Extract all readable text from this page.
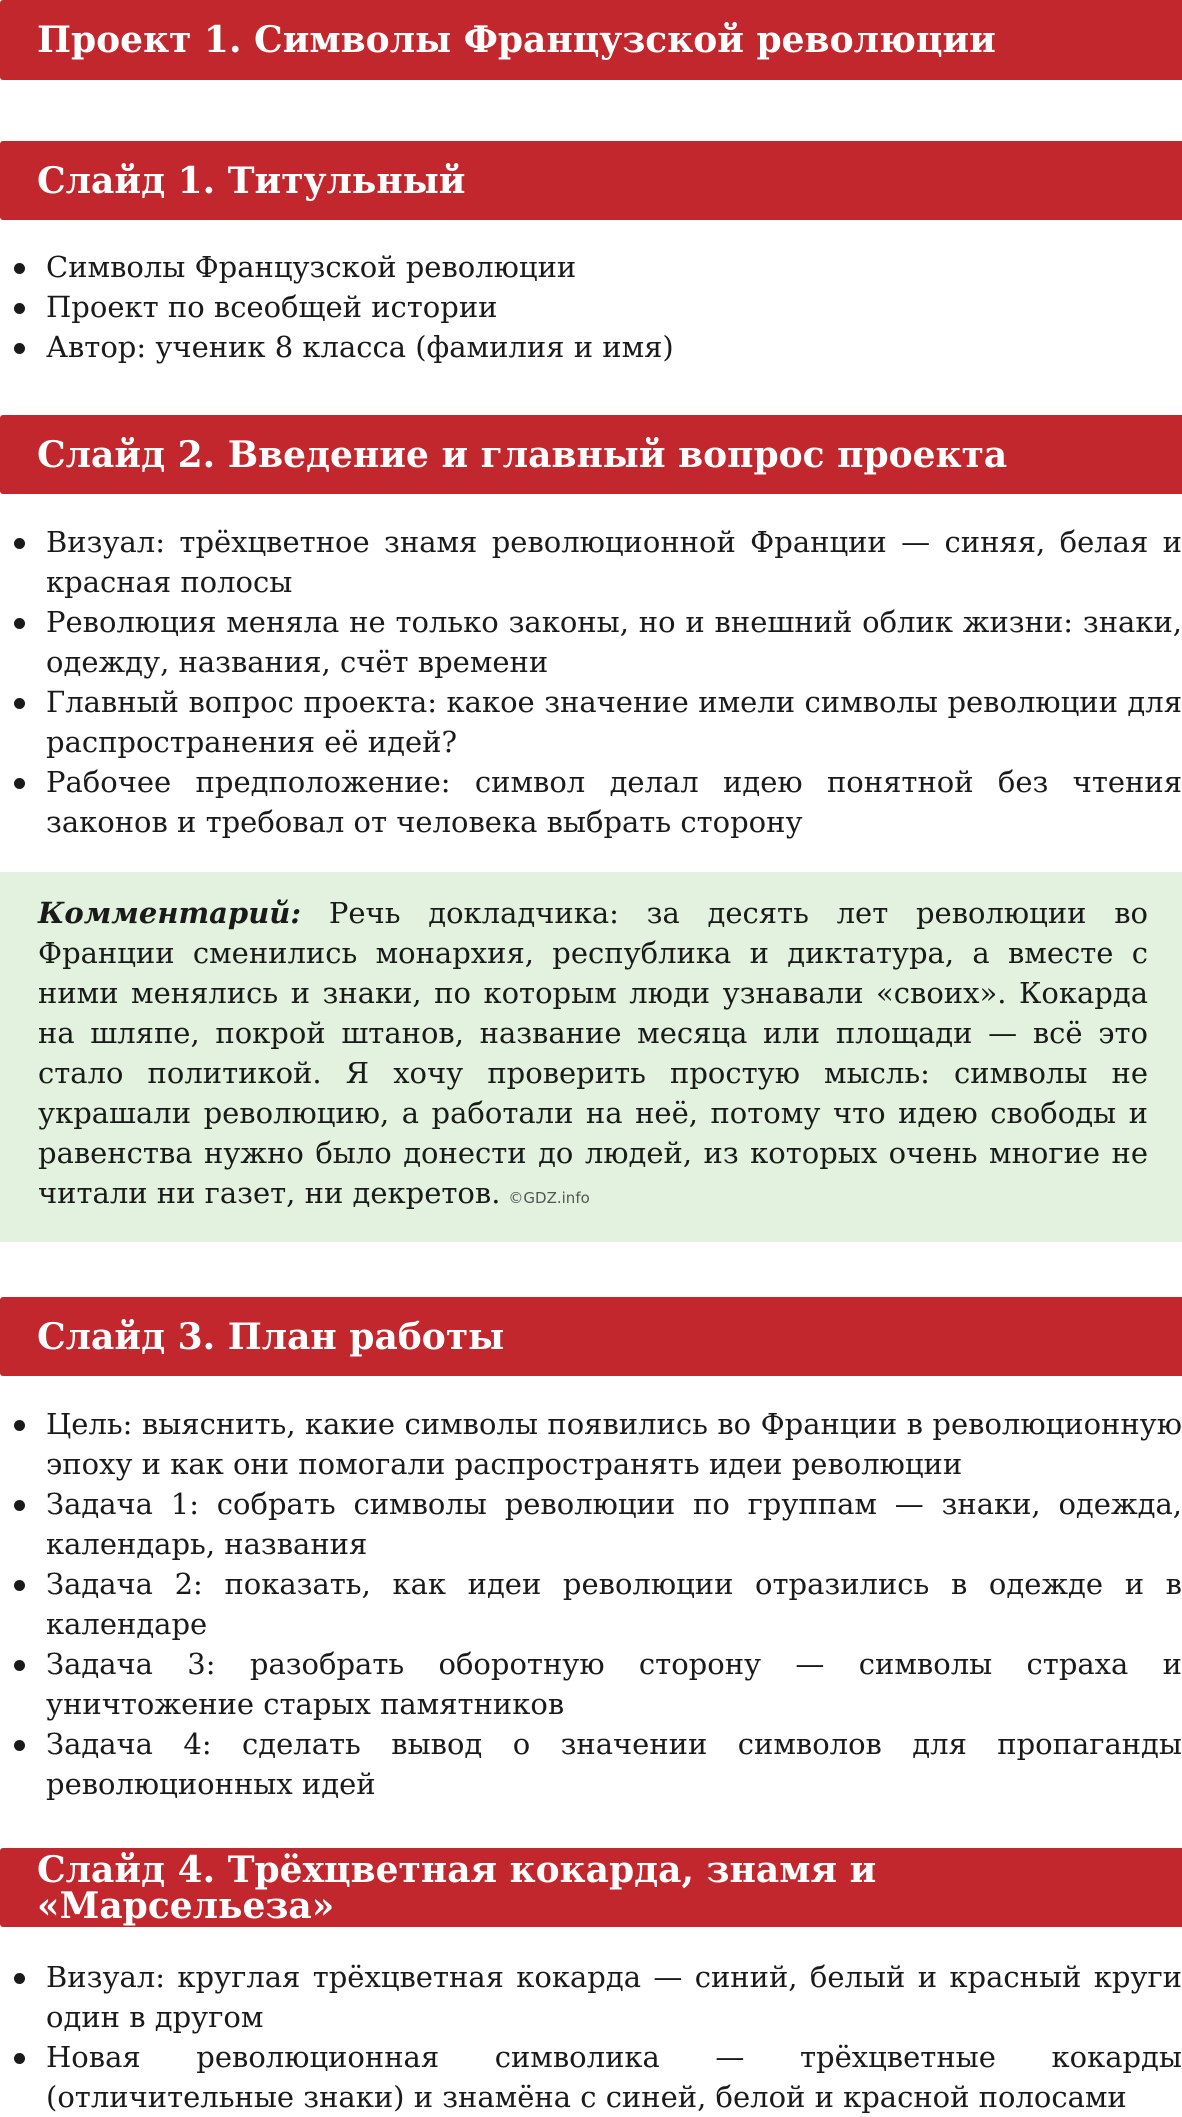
Проект 1. Символы Французской революции
Слайд 1. Титульный
Символы Французской революции
Проект по всеобщей истории
Автор: ученик 8 класса (фамилия и имя)
Слайд 2. Введение и главный вопрос проекта
Визуал: трёхцветное знамя революционной Франции — синяя, белая и красная полосы
Революция меняла не только законы, но и внешний облик жизни: знаки, одежду, названия, счёт времени
Главный вопрос проекта: какое значение имели символы революции для распространения её идей?
Рабочее предположение: символ делал идею понятной без чтения законов и требовал от человека выбрать сторону
Комментарий: Речь докладчика: за десять лет революции во Франции сменились монархия, республика и диктатура, а вместе с ними менялись и знаки, по которым люди узнавали «своих». Кокарда на шляпе, покрой штанов, название месяца или площади — всё это стало политикой. Я хочу проверить простую мысль: символы не украшали революцию, а работали на неё, потому что идею свободы и равенства нужно было донести до людей, из которых очень многие не читали ни газет, ни декретов. ©GDZ.info
Слайд 3. План работы
Цель: выяснить, какие символы появились во Франции в революционную эпоху и как они помогали распространять идеи революции
Задача 1: собрать символы революции по группам — знаки, одежда, календарь, названия
Задача 2: показать, как идеи революции отразились в одежде и в календаре
Задача 3: разобрать оборотную сторону — символы страха и уничтожение старых памятников
Задача 4: сделать вывод о значении символов для пропаганды революционных идей
Слайд 4. Трёхцветная кокарда, знамя и «Марсельеза»
Визуал: круглая трёхцветная кокарда — синий, белый и красный круги один в другом
Новая революционная символика — трёхцветные кокарды (отличительные знаки) и знамёна с синей, белой и красной полосами
